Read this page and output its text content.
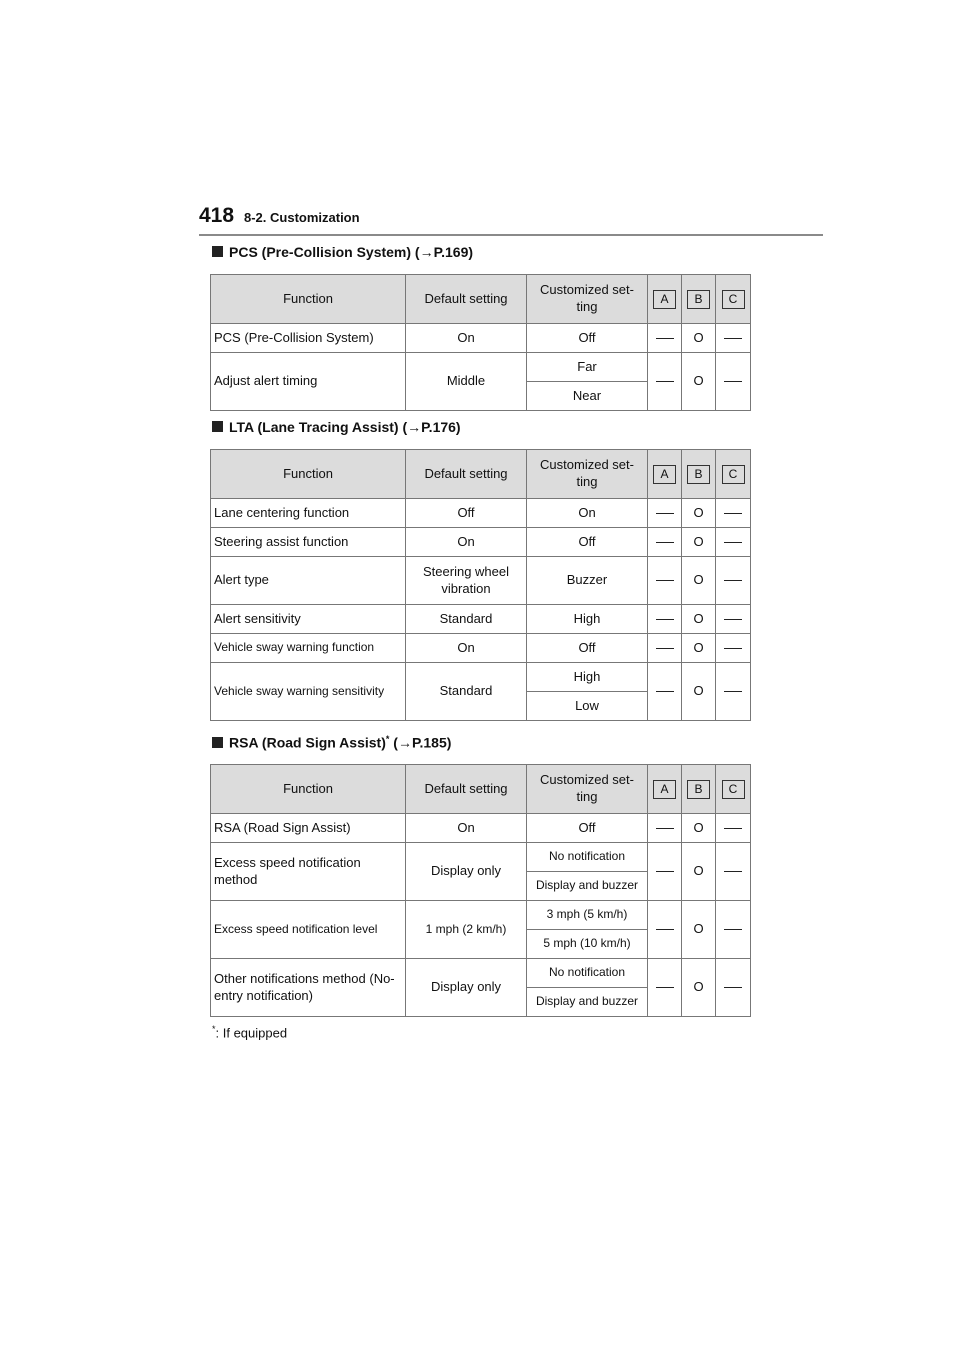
418 8-2. Customization
PCS (Pre-Collision System) (→P.169)
Function	Default setting	Customized set-ting	A	B	C
PCS (Pre-Collision System)	On	Off		O	
Adjust alert timing	Middle	Far		O	
		Near			
LTA (Lane Tracing Assist) (→P.176)
Function	Default setting	Customized set-ting	A	B	C
Lane centering function	Off	On		O	
Steering assist function	On	Off		O	
Alert type	Steering wheel vibration	Buzzer		O	
Alert sensitivity	Standard	High		O	
Vehicle sway warning function	On	Off		O	
Vehicle sway warning sensitivity	Standard	High		O	
		Low			
RSA (Road Sign Assist)* (→P.185)
Function	Default setting	Customized set-ting	A	B	C
RSA (Road Sign Assist)	On	Off		O	
Excess speed notification method	Display only	No notification		O	
		Display and buzzer			
Excess speed notification level	1 mph (2 km/h)	3 mph (5 km/h)		O	
		5 mph (10 km/h)			
Other notifications method (No-entry notification)	Display only	No notification		O	
		Display and buzzer			
*: If equipped
